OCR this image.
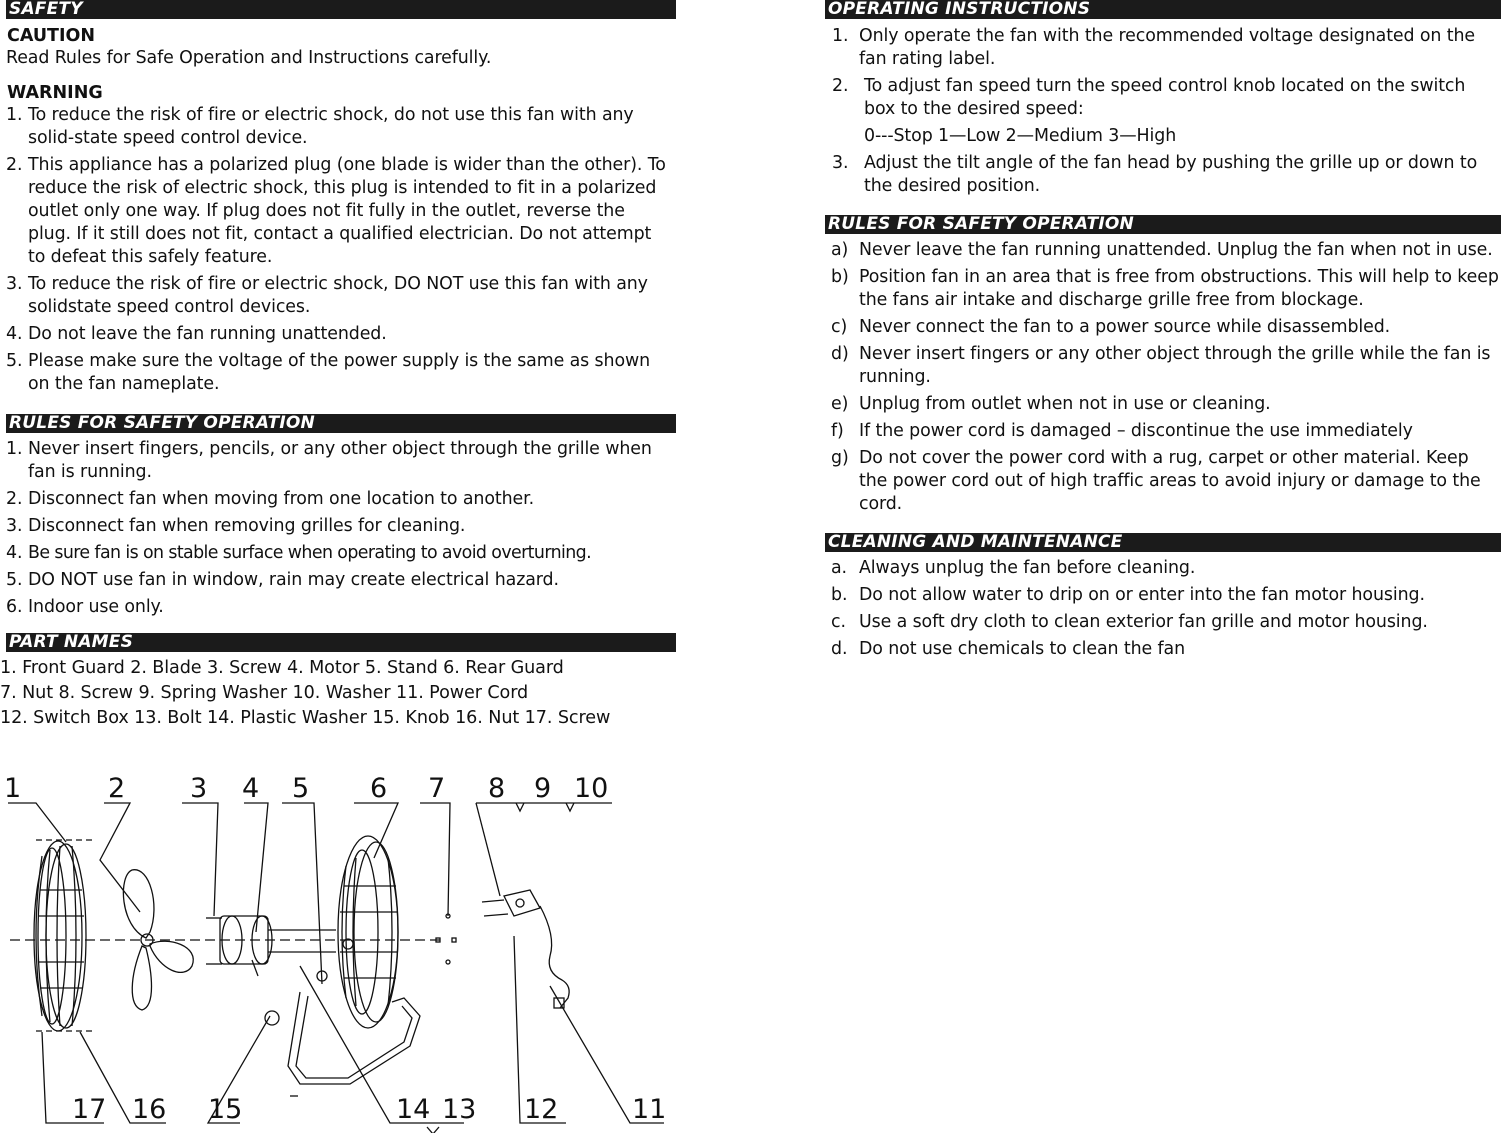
SAFETY
CAUTION
Read Rules for Safe Operation and Instructions carefully.
WARNING
1. To reduce the risk of fire or electric shock, do not use this fan with any solid-state speed control device.
2. This appliance has a polarized plug (one blade is wider than the other). To reduce the risk of electric shock, this plug is intended to fit in a polarized outlet only one way. If plug does not fit fully in the outlet, reverse the plug. If it still does not fit, contact a qualified electrician. Do not attempt to defeat this safely feature.
3. To reduce the risk of fire or electric shock, DO NOT use this fan with any solidstate speed control devices.
4. Do not leave the fan running unattended.
5. Please make sure the voltage of the power supply is the same as shown on the fan nameplate.
RULES FOR SAFETY OPERATION
1. Never insert fingers, pencils, or any other object through the grille when fan is running.
2. Disconnect fan when moving from one location to another.
3. Disconnect fan when removing grilles for cleaning.
4. Be sure fan is on stable surface when operating to avoid overturning.
5. DO NOT use fan in window, rain may create electrical hazard.
6. Indoor use only.
PART NAMES
1. Front Guard 2. Blade 3. Screw 4. Motor 5. Stand 6. Rear Guard
7. Nut 8. Screw 9. Spring Washer 10. Washer 11. Power Cord
12. Switch Box 13. Bolt 14. Plastic Washer 15. Knob 16. Nut 17. Screw
1	2 3 4 5 6 7 8 9 10
17 16 15	14 13 12	11
OPERATING INSTRUCTIONS
1. Only operate the fan with the recommended voltage designated on the fan rating label.
2. To adjust fan speed turn the speed control knob located on the switch box to the desired speed:
0---Stop 1—Low 2—Medium 3—High
3. Adjust the tilt angle of the fan head by pushing the grille up or down to the desired position.
RULES FOR SAFETY OPERATION
a) Never leave the fan running unattended. Unplug the fan when not in use.
b) Position fan in an area that is free from obstructions. This will help to keep the fans air intake and discharge grille free from blockage.
c) Never connect the fan to a power source while disassembled.
d) Never insert fingers or any other object through the grille while the fan is running.
e) Unplug from outlet when not in use or cleaning.
f) If the power cord is damaged – discontinue the use immediately
g) Do not cover the power cord with a rug, carpet or other material. Keep the power cord out of high traffic areas to avoid injury or damage to the cord.
CLEANING AND MAINTENANCE
a. Always unplug the fan before cleaning.
b. Do not allow water to drip on or enter into the fan motor housing.
c. Use a soft dry cloth to clean exterior fan grille and motor housing.
d. Do not use chemicals to clean the fan
